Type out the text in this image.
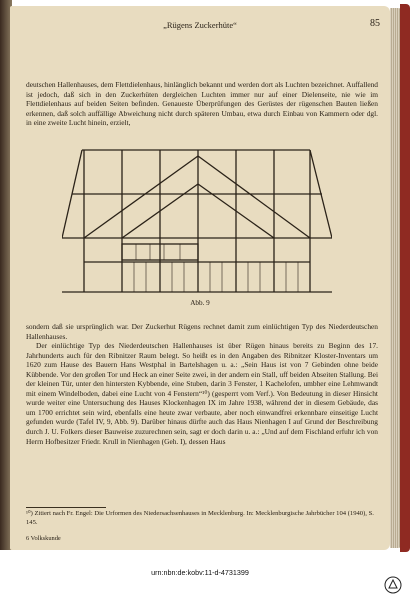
„Rügens Zuckerhüte“	85

deutschen Hallenhauses, dem Flettdielenhaus, hinlänglich bekannt und werden dort als Luchten bezeichnet. Auffallend ist jedoch, daß sich in den Zuckerhüten dergleichen Luchten immer nur auf einer Dielenseite, nie wie im Flettdielenhaus auf beiden Seiten befinden. Genaueste Überprüfungen des Gerüstes der rügenschen Bauten ließen erkennen, daß solch auffällige Abweichung nicht durch späteren Umbau, etwa durch Einbau von Kammern oder dgl. in eine zweite Lucht hinein, erzielt,

Abb. 9

sondern daß sie ursprünglich war. Der Zuckerhut Rügens rechnet damit zum einlüchtigen Typ des Niederdeutschen Hallenhauses.

Der einlüchtige Typ des Niederdeutschen Hallenhauses ist über Rügen hinaus bereits zu Beginn des 17. Jahrhunderts auch für den Ribnitzer Raum belegt. So heißt es in den Angaben des Ribnitzer Kloster-Inventars um 1620 zum Hause des Bauern Hans Westphal in Bartelshagen u. a.: „Sein Haus ist von 7 Gebinden ohne beide Kübbende. Vor den großen Tor und Heck an einer Seite zwei, in der andern ein Stall, uff beiden Abseiten Stallung. Bei der kleinen Tür, unter den hintersten Kybbende, eine Stuben, darin 3 Fenster, 1 Kachelofen, umbher eine Lehmwandt mit einem Windelboden, dabei eine Lucht von 4 Fenstern“¹⁰) (gesperrt vom Verf.). Von Bedeutung in dieser Hinsicht wurde weiter eine Untersuchung des Hauses Klockenhagen IX im Jahre 1938, während der in diesem Gebäude, das um 1700 errichtet sein wird, ebenfalls eine heute zwar verbaute, aber noch einwandfrei erkennbare einseitige Lucht gefunden wurde (Tafel IV, 9, Abb. 9). Darüber hinaus dürfte auch das Haus Nienhagen I auf Grund der Beschreibung durch J. U. Folkers dieser Bauweise zuzurechnen sein, sagt er doch darin u. a.: „Und auf dem Fischland erfuhr ich von Herrn Hofbesitzer Friedr. Krull in Nienhagen (Geh. I), dessen Haus

¹⁰) Zitiert nach Fr. Engel: Die Urformen des Niedersachsenhauses in Mecklenburg. In: Mecklenburgische Jahrbücher 104 (1940), S. 145.
6 Volkskunde
urn:nbn:de:kobv:11-d-4731399
